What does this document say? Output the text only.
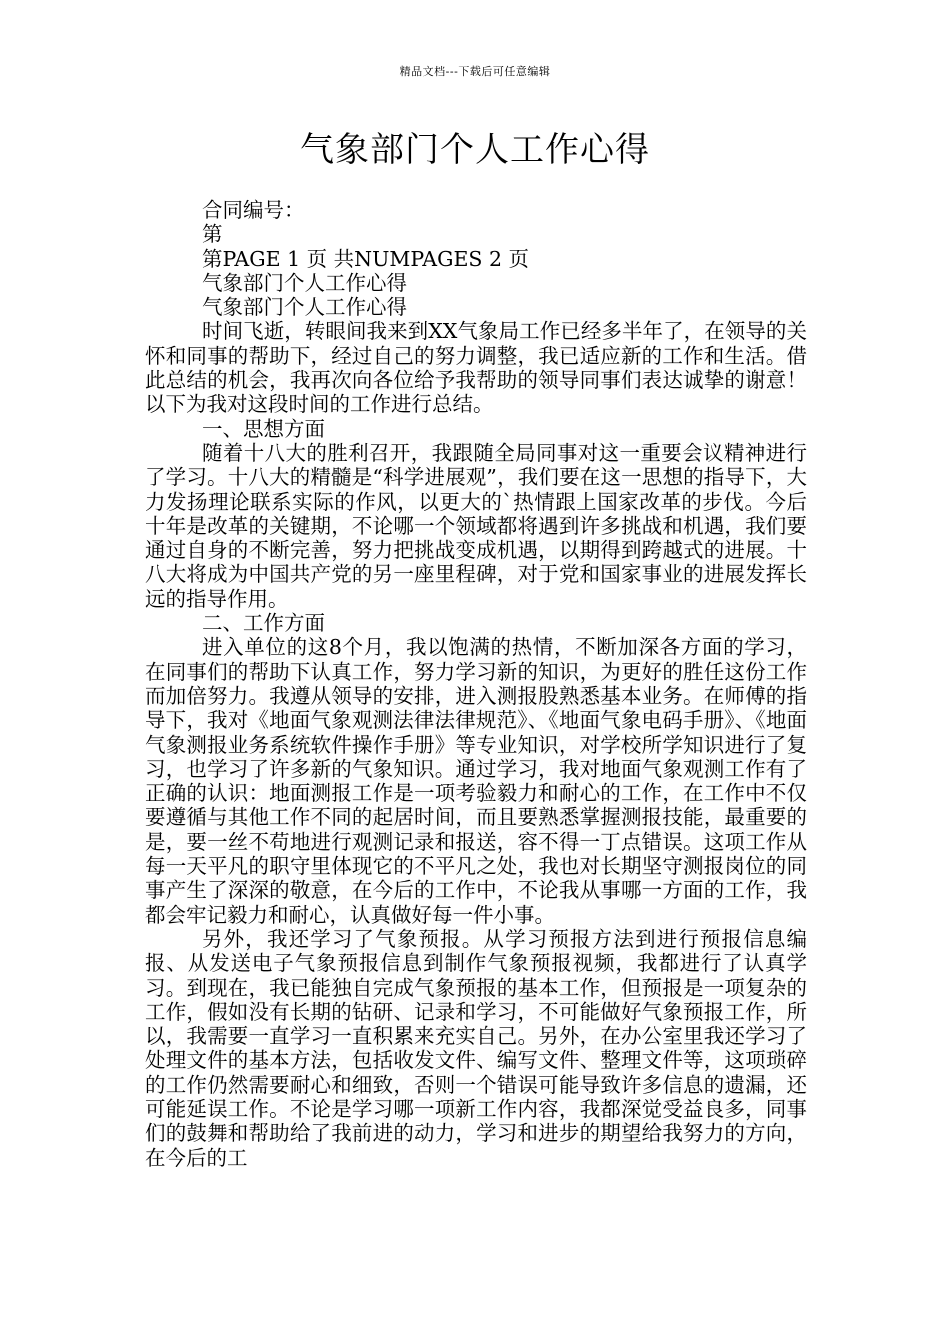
精品文档---下载后可任意编辑
气象部门个人工作心得

合同编号：

第

第PAGE 1 页 共NUMPAGES 2 页

气象部门个人工作心得

气象部门个人工作心得

时间飞逝，转眼间我来到XX气象局工作已经多半年了，在领导的关怀和同事的帮助下，经过自己的努力调整，我已适应新的工作和生活。借此总结的机会，我再次向各位给予我帮助的领导同事们表达诚挚的谢意！以下为我对这段时间的工作进行总结。

一、思想方面

随着十八大的胜利召开，我跟随全局同事对这一重要会议精神进行了学习。十八大的精髓是“科学进展观”，我们要在这一思想的指导下，大力发扬理论联系实际的作风，以更大的`热情跟上国家改革的步伐。今后十年是改革的关键期，不论哪一个领域都将遇到许多挑战和机遇，我们要通过自身的不断完善，努力把挑战变成机遇，以期得到跨越式的进展。十八大将成为中国共产党的另一座里程碑，对于党和国家事业的进展发挥长远的指导作用。

二、工作方面

进入单位的这8个月，我以饱满的热情，不断加深各方面的学习，在同事们的帮助下认真工作，努力学习新的知识，为更好的胜任这份工作而加倍努力。我遵从领导的安排，进入测报股熟悉基本业务。在师傅的指导下，我对《地面气象观测法律法律规范》、《地面气象电码手册》、《地面气象测报业务系统软件操作手册》等专业知识，对学校所学知识进行了复习，也学习了许多新的气象知识。通过学习，我对地面气象观测工作有了正确的认识：地面测报工作是一项考验毅力和耐心的工作，在工作中不仅要遵循与其他工作不同的起居时间，而且要熟悉掌握测报技能，最重要的是，要一丝不苟地进行观测记录和报送，容不得一丁点错误。这项工作从每一天平凡的职守里体现它的不平凡之处，我也对长期坚守测报岗位的同事产生了深深的敬意，在今后的工作中，不论我从事哪一方面的工作，我都会牢记毅力和耐心，认真做好每一件小事。

另外，我还学习了气象预报。从学习预报方法到进行预报信息编报、从发送电子气象预报信息到制作气象预报视频，我都进行了认真学习。到现在，我已能独自完成气象预报的基本工作，但预报是一项复杂的工作，假如没有长期的钻研、记录和学习，不可能做好气象预报工作，所以，我需要一直学习一直积累来充实自己。另外，在办公室里我还学习了处理文件的基本方法，包括收发文件、编写文件、整理文件等，这项琐碎的工作仍然需要耐心和细致，否则一个错误可能导致许多信息的遗漏，还可能延误工作。不论是学习哪一项新工作内容，我都深觉受益良多，同事们的鼓舞和帮助给了我前进的动力，学习和进步的期望给我努力的方向，在今后的工
